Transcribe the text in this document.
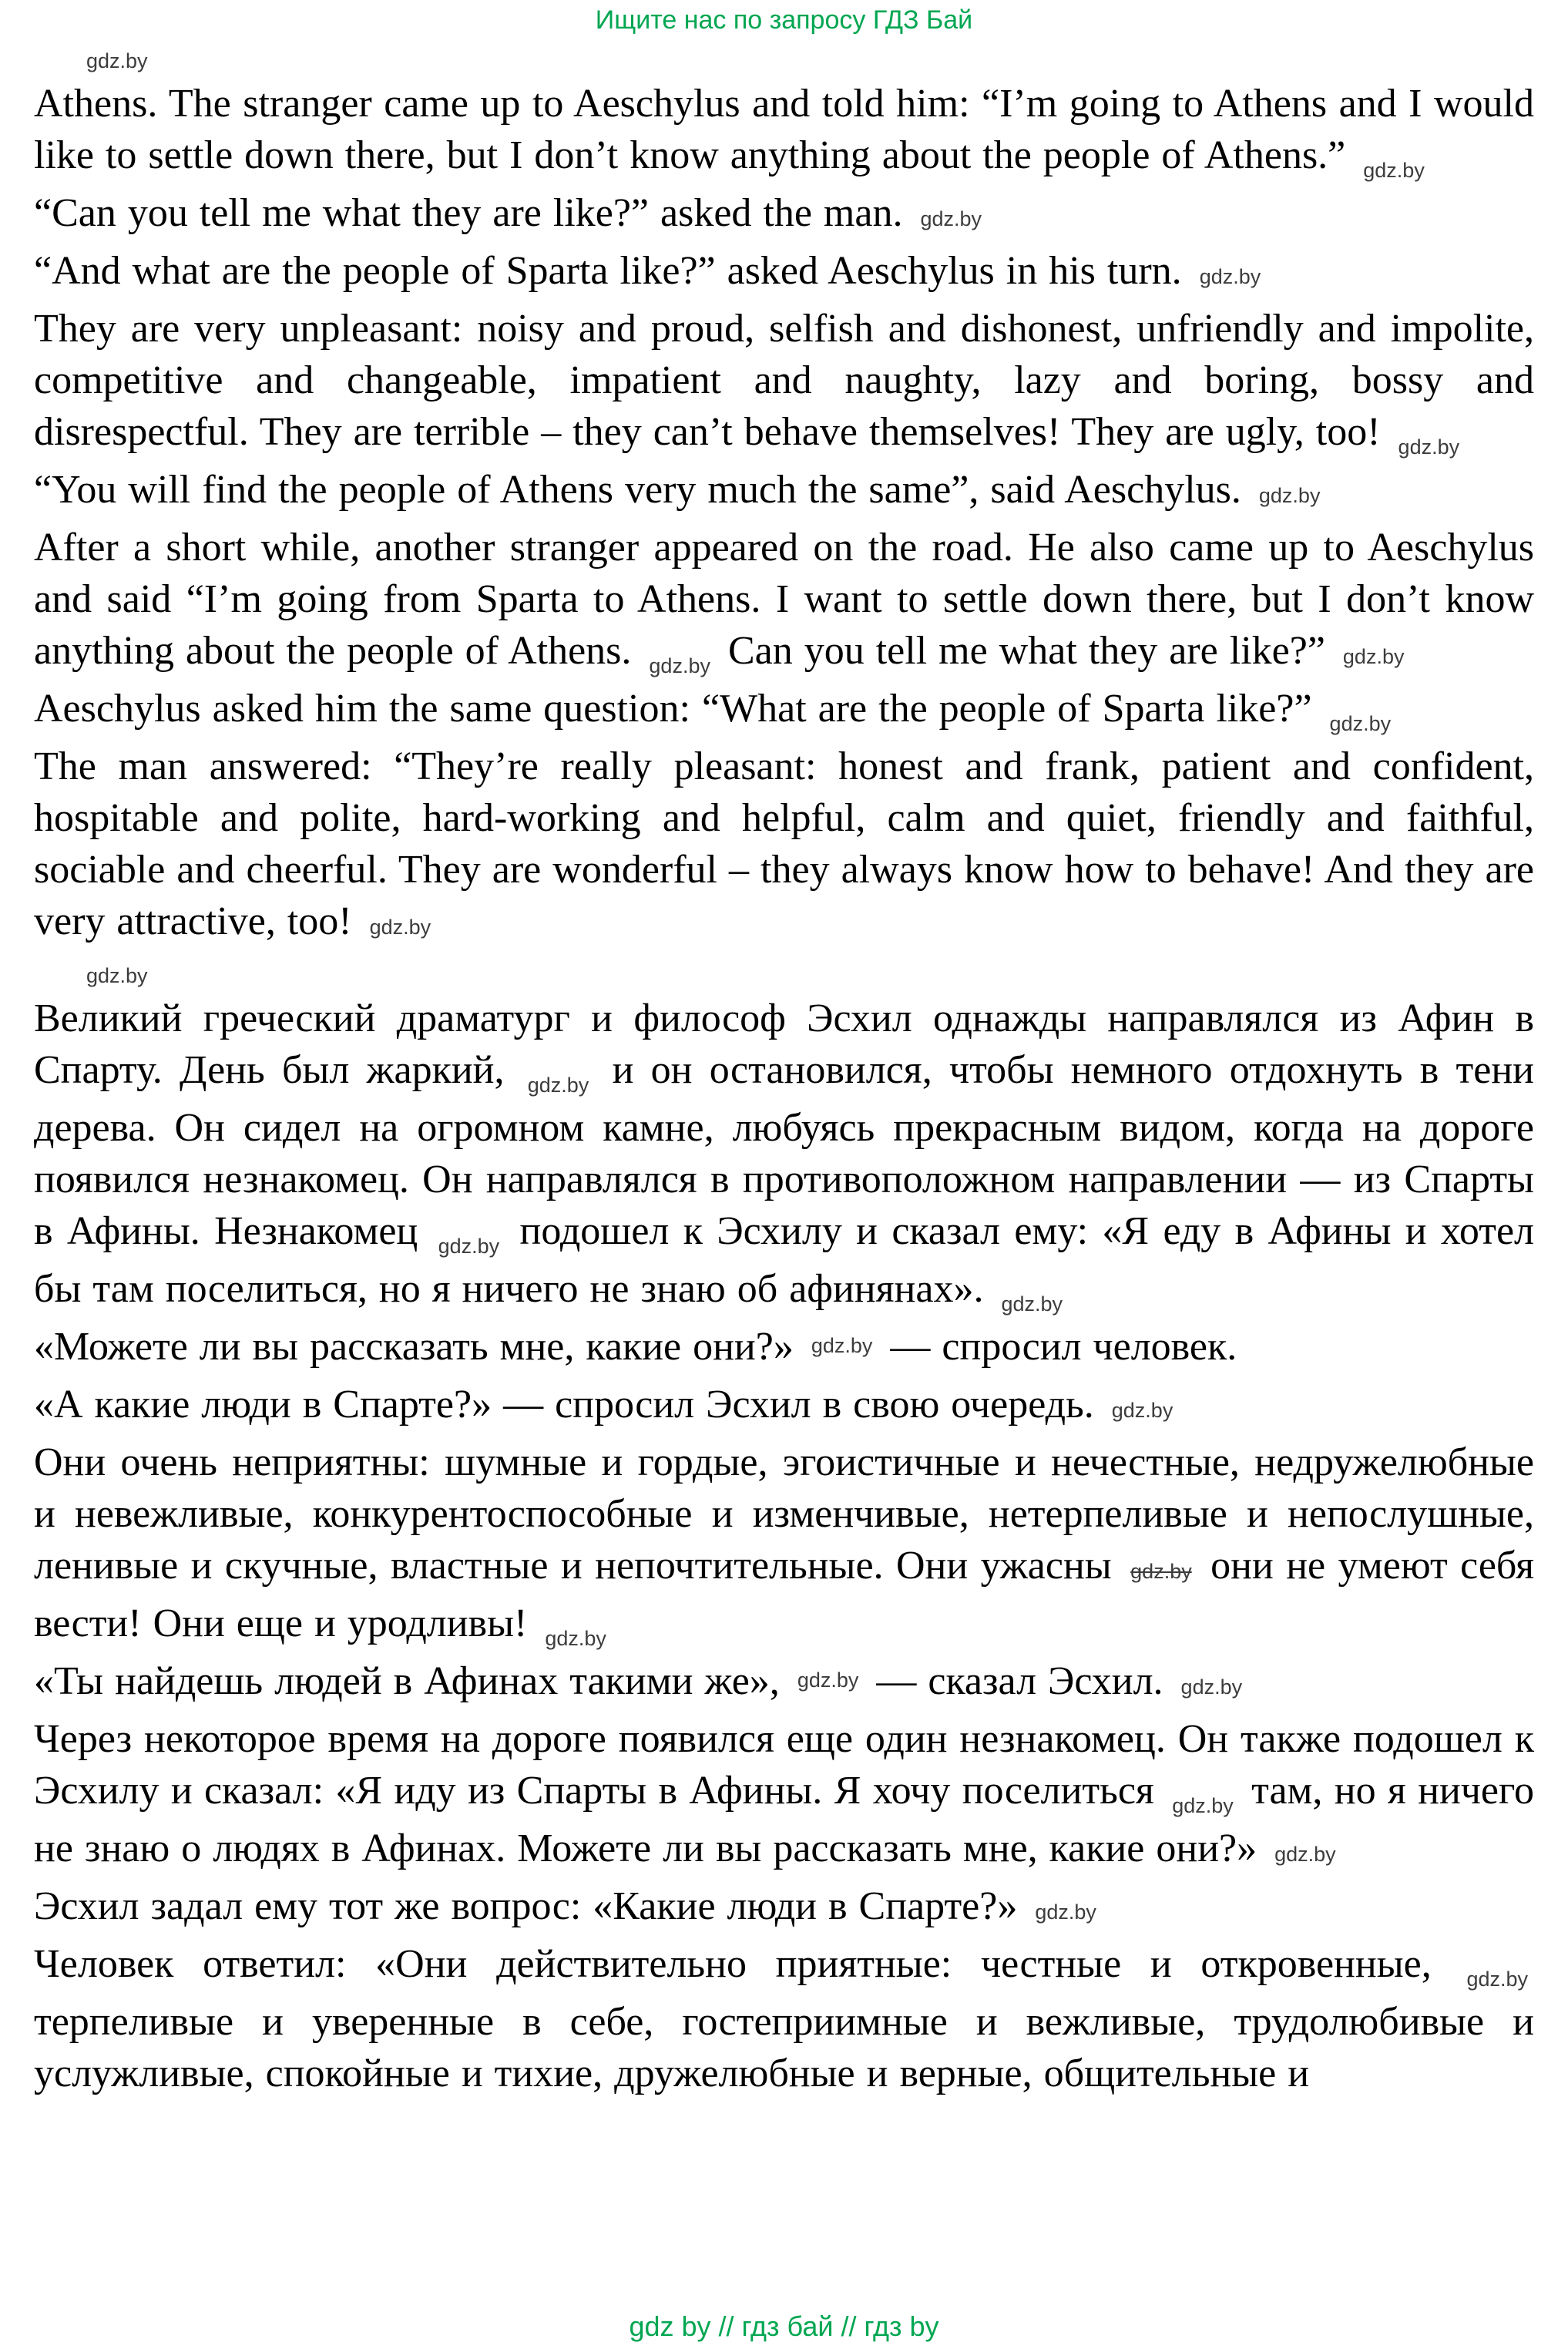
Ищите нас по запросу ГДЗ Бай

gdz.by

Athens. The stranger came up to Aeschylus and told him: “I’m going to Athens and I would like to settle down there, but I don’t know anything about the people of Athens.” gdz.by

“Can you tell me what they are like?” asked the man. gdz.by

“And what are the people of Sparta like?” asked Aeschylus in his turn. gdz.by

They are very unpleasant: noisy and proud, selfish and dishonest, unfriendly and impolite, competitive and changeable, impatient and naughty, lazy and boring, bossy and disrespectful. They are terrible – they can’t behave themselves! They are ugly, too! gdz.by

“You will find the people of Athens very much the same”, said Aeschylus. gdz.by

After a short while, another stranger appeared on the road. He also came up to Aeschylus and said “I’m going from Sparta to Athens. I want to settle down there, but I don’t know anything about the people of Athens. gdz.by Can you tell me what they are like?” gdz.by

Aeschylus asked him the same question: “What are the people of Sparta like?” gdz.by

The man answered: “They’re really pleasant: honest and frank, patient and confident, hospitable and polite, hard-working and helpful, calm and quiet, friendly and faithful, sociable and cheerful. They are wonderful – they always know how to behave! And they are very attractive, too! gdz.by

gdz.by

Великий греческий драматург и философ Эсхил однажды направлялся из Афин в Спарту. День был жаркий, gdz.by и он остановился, чтобы немного отдохнуть в тени дерева. Он сидел на огромном камне, любуясь прекрасным видом, когда на дороге появился незнакомец. Он направлялся в противоположном направлении — из Спарты в Афины. Незнакомец gdz.by подошел к Эсхилу и сказал ему: «Я еду в Афины и хотел бы там поселиться, но я ничего не знаю об афинянах». gdz.by

«Можете ли вы рассказать мне, какие они?» gdz.by — спросил человек.

«А какие люди в Спарте?» — спросил Эсхил в свою очередь. gdz.by

Они очень неприятны: шумные и гордые, эгоистичные и нечестные, недружелюбные и невежливые, конкурентоспособные и изменчивые, нетерпеливые и непослушные, ленивые и скучные, властные и непочтительные. Они ужасны gdz.by они не умеют себя вести! Они еще и уродливы! gdz.by

«Ты найдешь людей в Афинах такими же», gdz.by — сказал Эсхил. gdz.by

Через некоторое время на дороге появился еще один незнакомец. Он также подошел к Эсхилу и сказал: «Я иду из Спарты в Афины. Я хочу поселиться gdz.by там, но я ничего не знаю о людях в Афинах. Можете ли вы рассказать мне, какие они?» gdz.by

Эсхил задал ему тот же вопрос: «Какие люди в Спарте?» gdz.by

Человек ответил: «Они действительно приятные: честные и откровенные, gdz.by терпеливые и уверенные в себе, гостеприимные и вежливые, трудолюбивые и услужливые, спокойные и тихие, дружелюбные и верные, общительные и

gdz by // гдз бай // гдз by
